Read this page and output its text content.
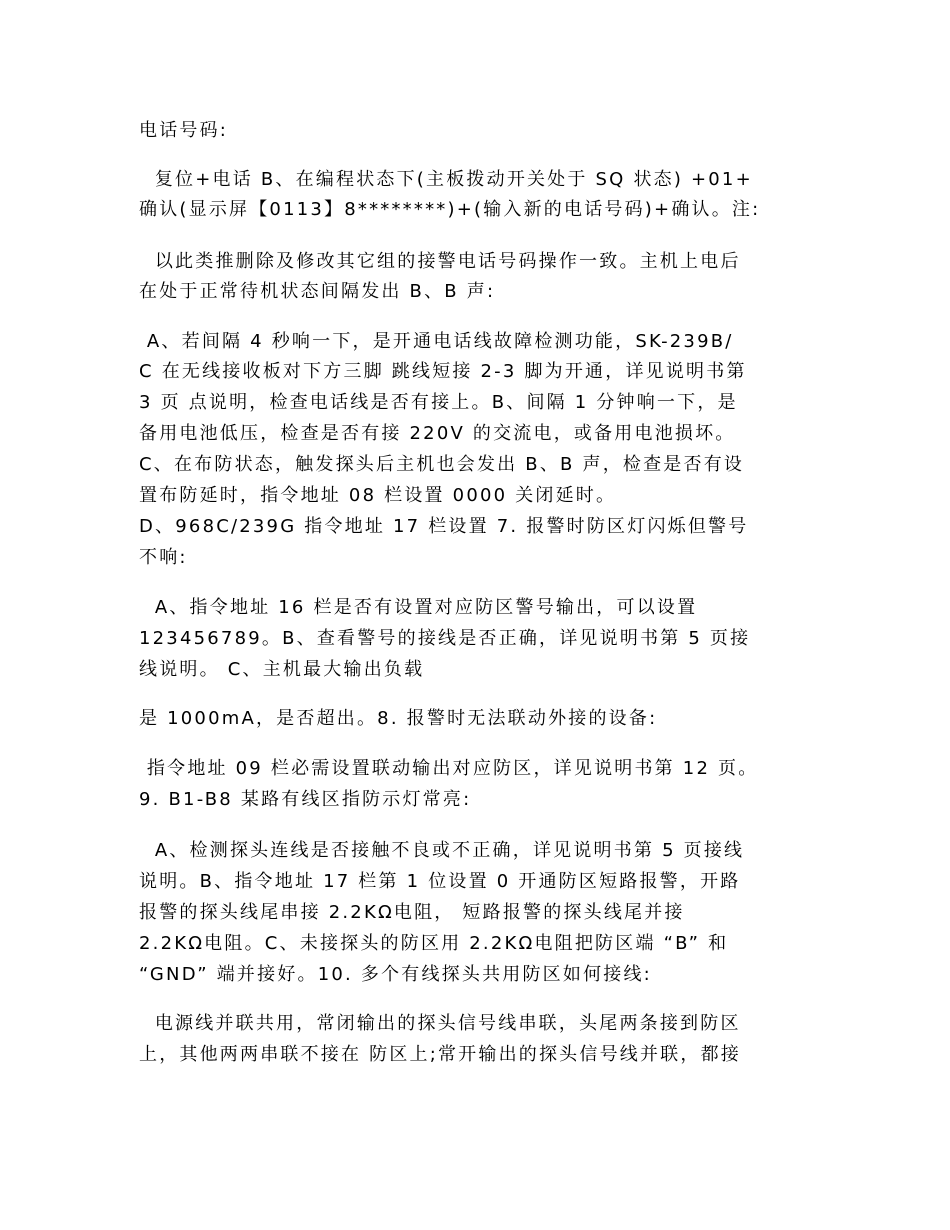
电话号码:

复位+电话 B、在编程状态下(主板拨动开关处于 SQ 状态) +01+

确认(显示屏【0113】8********)+(输入新的电话号码)+确认。注:

以此类推删除及修改其它组的接警电话号码操作一致。主机上电后

在处于正常待机状态间隔发出 B、B 声:

A、若间隔 4 秒响一下，是开通电话线故障检测功能，SK-239B/

C 在无线接收板对下方三脚 跳线短接 2-3 脚为开通，详见说明书第

3 页 点说明，检查电话线是否有接上。B、间隔 1 分钟响一下，是

备用电池低压，检查是否有接 220V 的交流电，或备用电池损坏。

C、在布防状态，触发探头后主机也会发出 B、B 声，检查是否有设

置布防延时，指令地址 08 栏设置 0000 关闭延时。

D、968C/239G 指令地址 17 栏设置 7. 报警时防区灯闪烁但警号

不响:

A、指令地址 16 栏是否有设置对应防区警号输出，可以设置

123456789。B、查看警号的接线是否正确，详见说明书第 5 页接

线说明。 C、主机最大输出负载

是 1000mA，是否超出。8. 报警时无法联动外接的设备:

指令地址 09 栏必需设置联动输出对应防区，详见说明书第 12 页。

9. B1-B8 某路有线区指防示灯常亮:

A、检测探头连线是否接触不良或不正确，详见说明书第 5 页接线

说明。B、指令地址 17 栏第 1 位设置 0 开通防区短路报警，开路

报警的探头线尾串接 2.2KΩ电阻， 短路报警的探头线尾并接

2.2KΩ电阻。C、未接探头的防区用 2.2KΩ电阻把防区端 “B” 和

“GND” 端并接好。10. 多个有线探头共用防区如何接线:

电源线并联共用，常闭输出的探头信号线串联，头尾两条接到防区

上，其他两两串联不接在 防区上;常开输出的探头信号线并联，都接
